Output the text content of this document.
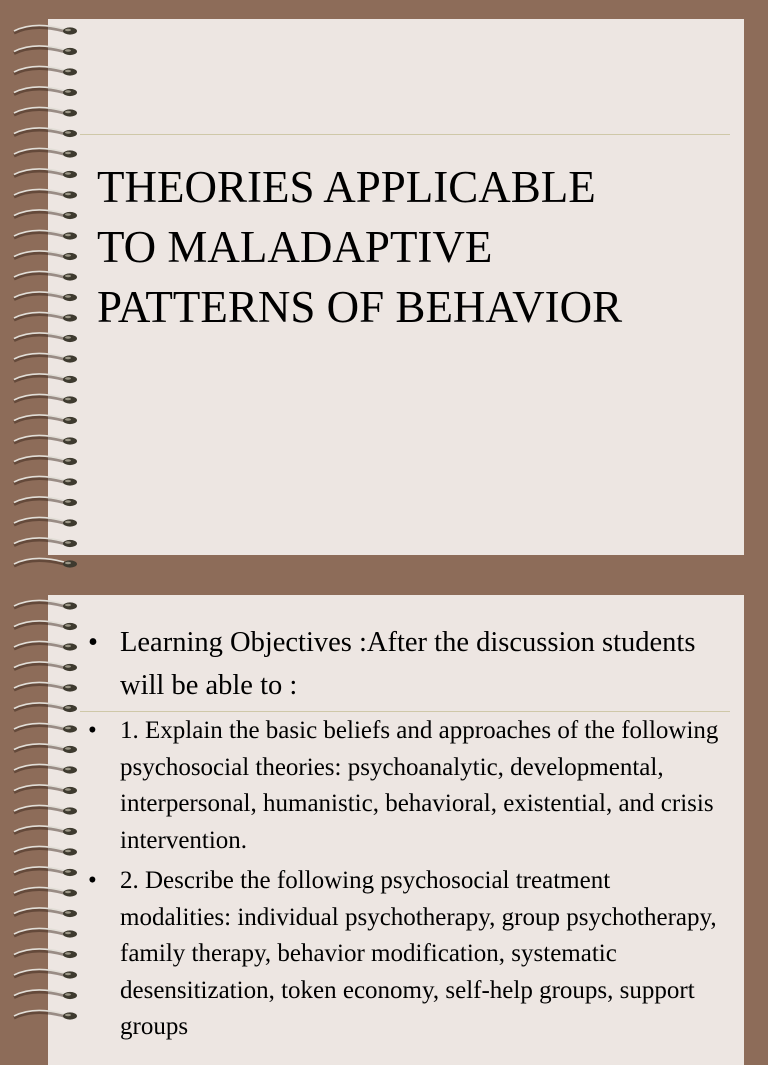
THEORIES APPLICABLE
TO MALADAPTIVE
PATTERNS OF BEHAVIOR
• Learning Objectives :After the discussion students will be able to :
• 1. Explain the basic beliefs and approaches of the following psychosocial theories: psychoanalytic, developmental, interpersonal, humanistic, behavioral, existential, and crisis intervention.
• 2. Describe the following psychosocial treatment modalities: individual psychotherapy, group psychotherapy, family therapy, behavior modification, systematic desensitization, token economy, self-help groups, support groups
